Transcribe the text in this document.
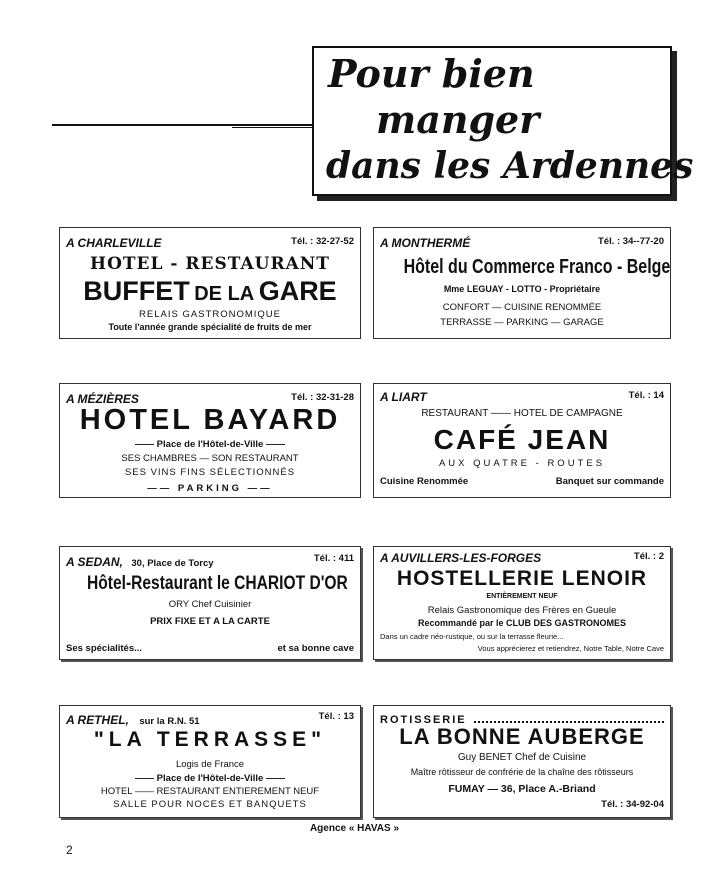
Pour bien
manger
dans les Ardennes
A CHARLEVILLE	Tél. : 32-27-52
HOTEL - RESTAURANT
BUFFET DE LA GARE
RELAIS GASTRONOMIQUE
Toute l'année grande spécialité de fruits de mer
A MONTHERMÉ	Tél. : 34--77-20
Hôtel du Commerce Franco - Belge
Mme LEGUAY - LOTTO - Propriétaire
CONFORT — CUISINE RENOMMÉE
TERRASSE — PARKING — GARAGE
A MÉZIÈRES	Tél. : 32-31-28
HOTEL BAYARD
—— Place de l'Hôtel-de-Ville ——
SES CHAMBRES — SON RESTAURANT
SES VINS FINS SÉLECTIONNÉS
—— PARKING ——
A LIART	Tél. : 14
RESTAURANT —— HOTEL DE CAMPAGNE
CAFÉ JEAN
AUX QUATRE - ROUTES
Cuisine Renommée	Banquet sur commande
A SEDAN, 30, Place de Torcy	Tél. : 411
Hôtel-Restaurant le CHARIOT D'OR
ORY Chef Cuisinier
PRIX FIXE ET A LA CARTE
Ses spécialités...	et sa bonne cave
A AUVILLERS-LES-FORGES	Tél. : 2
HOSTELLERIE LENOIR
ENTIÈREMENT NEUF
Relais Gastronomique des Frères en Gueule
Recommandé par le CLUB DES GASTRONOMES
Dans un cadre néo-rustique, ou sur la terrasse fleurie...
Vous apprécierez et retiendrez, Notre Table, Notre Cave
A RETHEL, sur la R.N. 51	Tél. : 13
"LA TERRASSE"
Logis de France
—— Place de l'Hôtel-de-Ville ——
HOTEL —— RESTAURANT ENTIEREMENT NEUF
SALLE POUR NOCES ET BANQUETS
ROTISSERIE
LA BONNE AUBERGE
Guy BENET Chef de Cuisine
Maître rôtisseur de confrérie de la chaîne des rôtisseurs
FUMAY — 36, Place A.-Briand
Tél. : 34-92-04
Agence « HAVAS »
2
